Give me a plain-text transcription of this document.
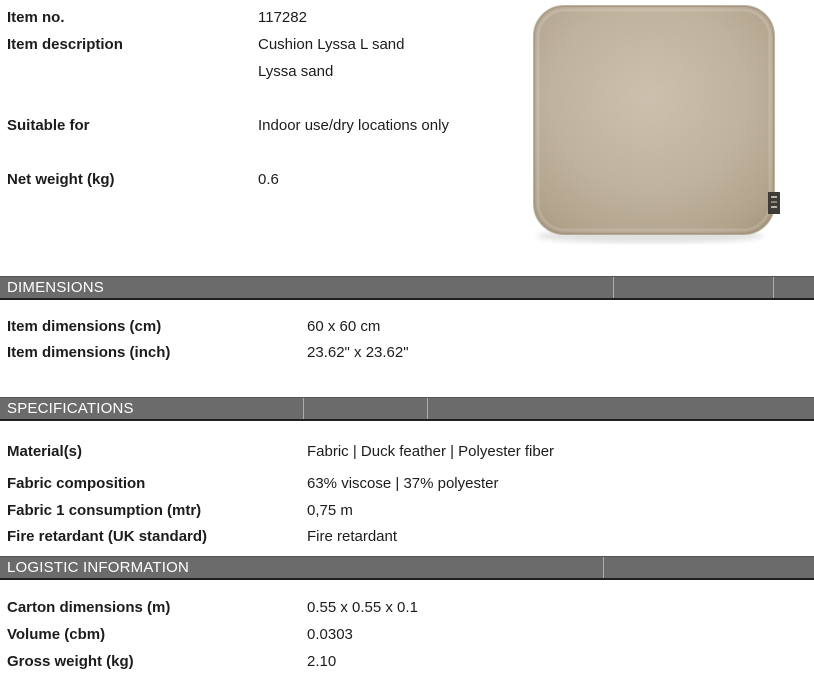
Item no.	117282
Item description	Cushion Lyssa L sand
Lyssa sand
Suitable for	Indoor use/dry locations only
Net weight (kg)	0.6
DIMENSIONS
Item dimensions (cm)	60 x 60 cm
Item dimensions (inch)	23.62" x 23.62"
SPECIFICATIONS
Material(s)	Fabric | Duck feather | Polyester fiber
Fabric composition	63% viscose | 37% polyester
Fabric 1 consumption (mtr)	0,75 m
Fire retardant (UK standard)	Fire retardant
LOGISTIC INFORMATION
Carton dimensions (m)	0.55 x 0.55 x 0.1
Volume (cbm)	0.0303
Gross weight (kg)	2.10
